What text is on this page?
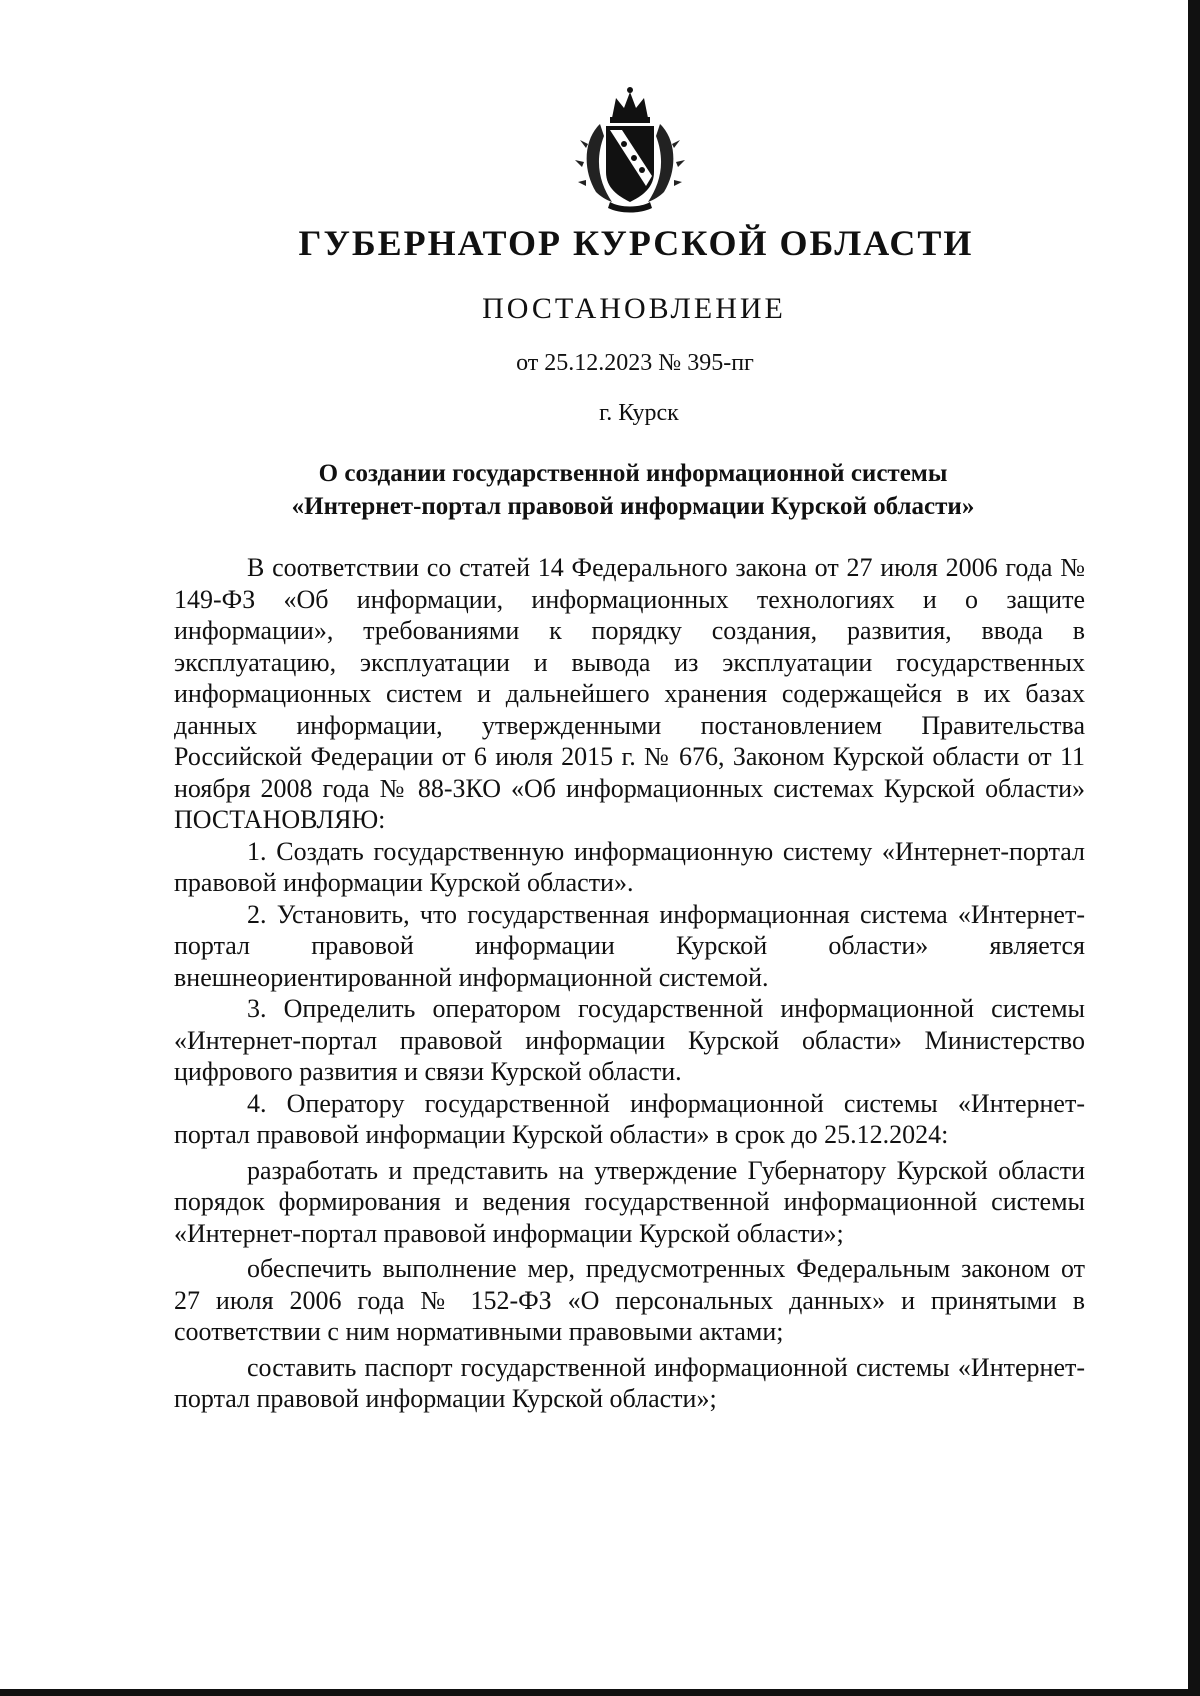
ГУБЕРНАТОР КУРСКОЙ ОБЛАСТИ
ПОСТАНОВЛЕНИЕ
от 25.12.2023 № 395-пг
г. Курск
О создании государственной информационной системы
«Интернет-портал правовой информации Курской области»

В соответствии со статей 14 Федерального закона от 27 июля 2006 года № 149-ФЗ «Об информации, информационных технологиях и о защите информации», требованиями к порядку создания, развития, ввода в эксплуатацию, эксплуатации и вывода из эксплуатации государственных информационных систем и дальнейшего хранения содержащейся в их базах данных информации, утвержденными постановлением Правительства Российской Федерации от 6 июля 2015 г. № 676, Законом Курской области от 11 ноября 2008 года № 88-ЗКО «Об информационных системах Курской области» ПОСТАНОВЛЯЮ:

1. Создать государственную информационную систему «Интернет-портал правовой информации Курской области».

2. Установить, что государственная информационная система «Интернет-портал правовой информации Курской области» является внешнеориентированной информационной системой.

3. Определить оператором государственной информационной системы «Интернет-портал правовой информации Курской области» Министерство цифрового развития и связи Курской области.

4. Оператору государственной информационной системы «Интернет-портал правовой информации Курской области» в срок до 25.12.2024:

разработать и представить на утверждение Губернатору Курской области порядок формирования и ведения государственной информационной системы «Интернет-портал правовой информации Курской области»;

обеспечить выполнение мер, предусмотренных Федеральным законом от 27 июля 2006 года № 152-ФЗ «О персональных данных» и принятыми в соответствии с ним нормативными правовыми актами;

составить паспорт государственной информационной системы «Интернет-портал правовой информации Курской области»;
